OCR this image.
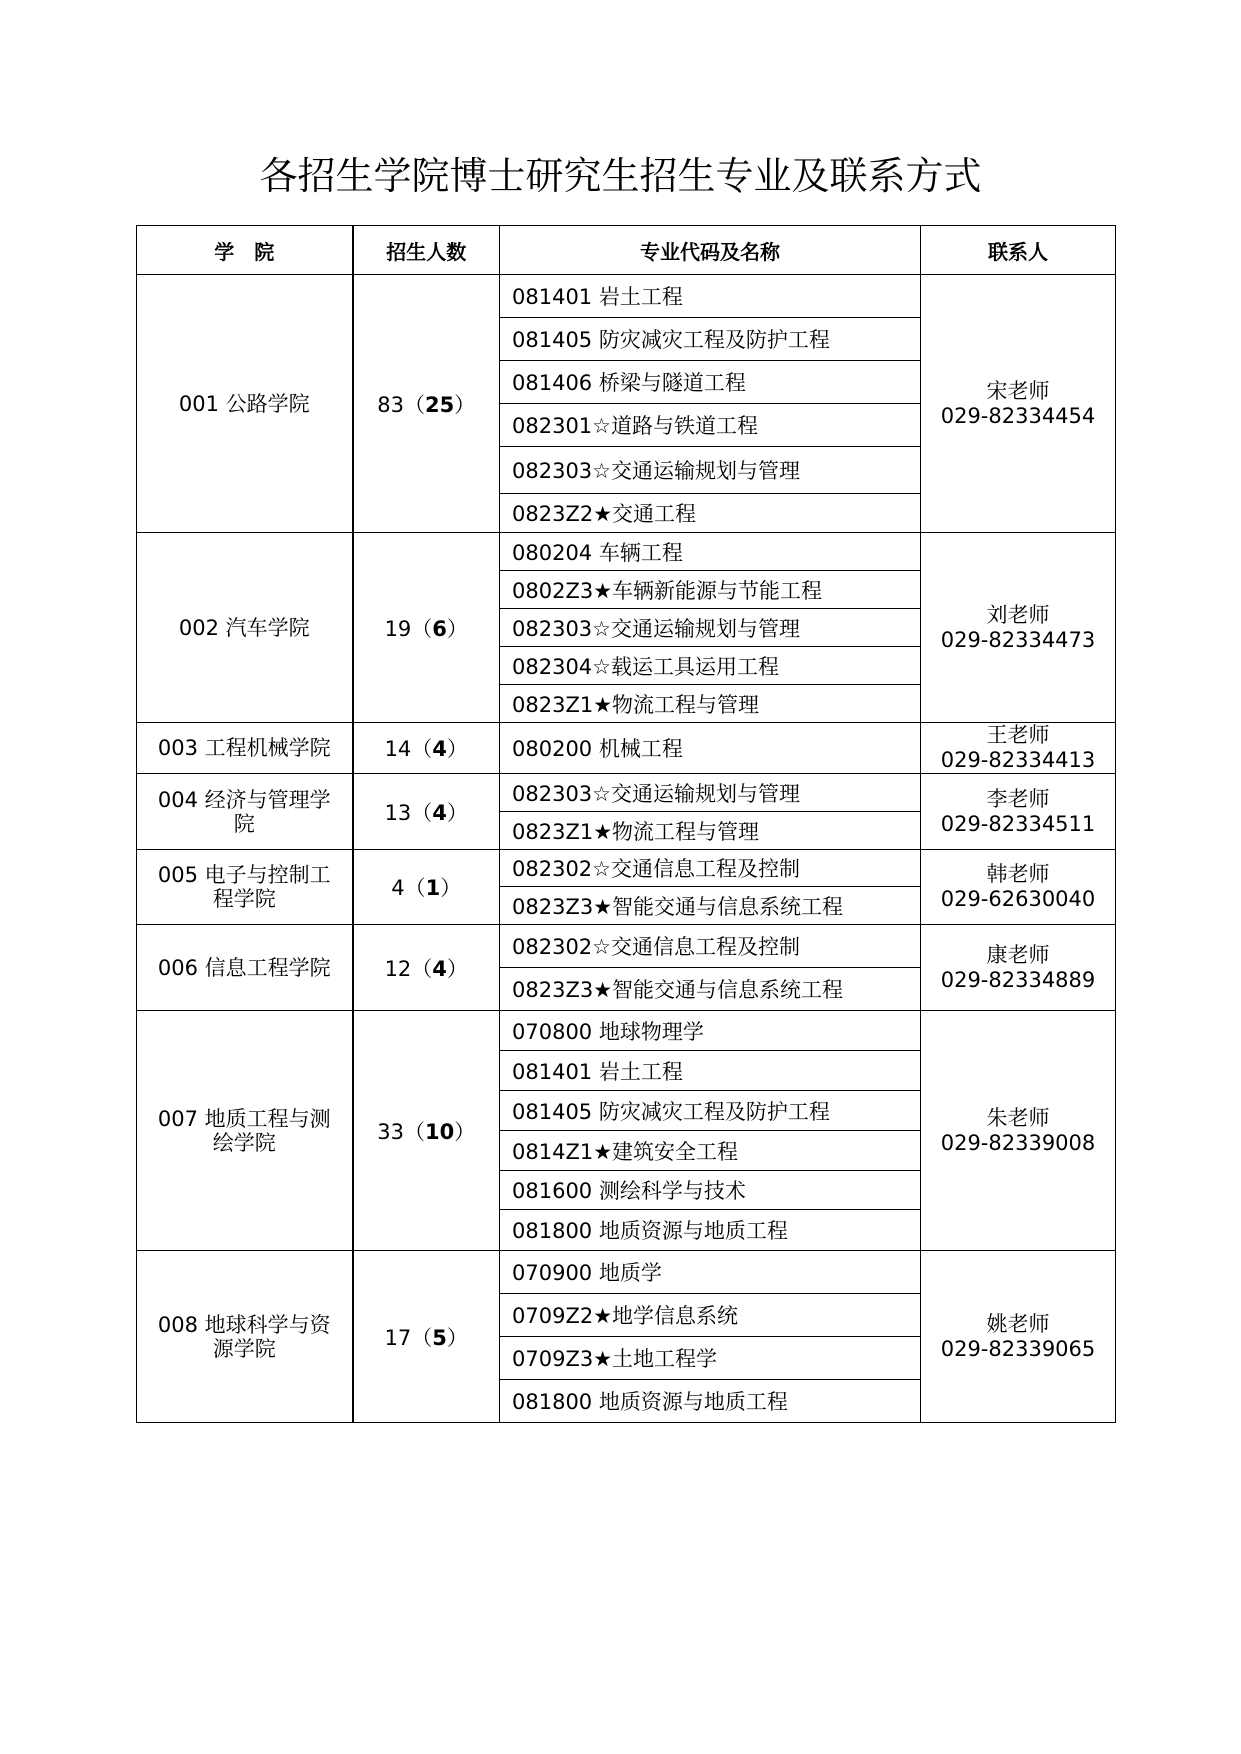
各招生学院博士研究生招生专业及联系方式
学　院	招生人数	专业代码及名称	联系人
001 公路学院	83（25）	081401 岩土工程	宋老师
029-82334454

		081405 防灾减灾工程及防护工程	
		081406 桥梁与隧道工程	
		082301☆道路与铁道工程	
		082303☆交通运输规划与管理	
		0823Z2★交通工程	
002 汽车学院	19（6）	080204 车辆工程	刘老师
029-82334473

		0802Z3★车辆新能源与节能工程	
		082303☆交通运输规划与管理	
		082304☆载运工具运用工程	
		0823Z1★物流工程与管理	
003 工程机械学院	14（4）	080200 机械工程	王老师
029-82334413

004 经济与管理学院	13（4）	082303☆交通运输规划与管理	李老师
029-82334511

		0823Z1★物流工程与管理	
005 电子与控制工程学院	4（1）	082302☆交通信息工程及控制	韩老师
029-62630040

		0823Z3★智能交通与信息系统工程	
006 信息工程学院	12（4）	082302☆交通信息工程及控制	康老师
029-82334889

		0823Z3★智能交通与信息系统工程	
007 地质工程与测绘学院	33（10）	070800 地球物理学	朱老师
029-82339008

		081401 岩土工程	
		081405 防灾减灾工程及防护工程	
		0814Z1★建筑安全工程	
		081600 测绘科学与技术	
		081800 地质资源与地质工程	
008 地球科学与资源学院	17（5）	070900 地质学	姚老师
029-82339065

		0709Z2★地学信息系统	
		0709Z3★土地工程学	
		081800 地质资源与地质工程	
